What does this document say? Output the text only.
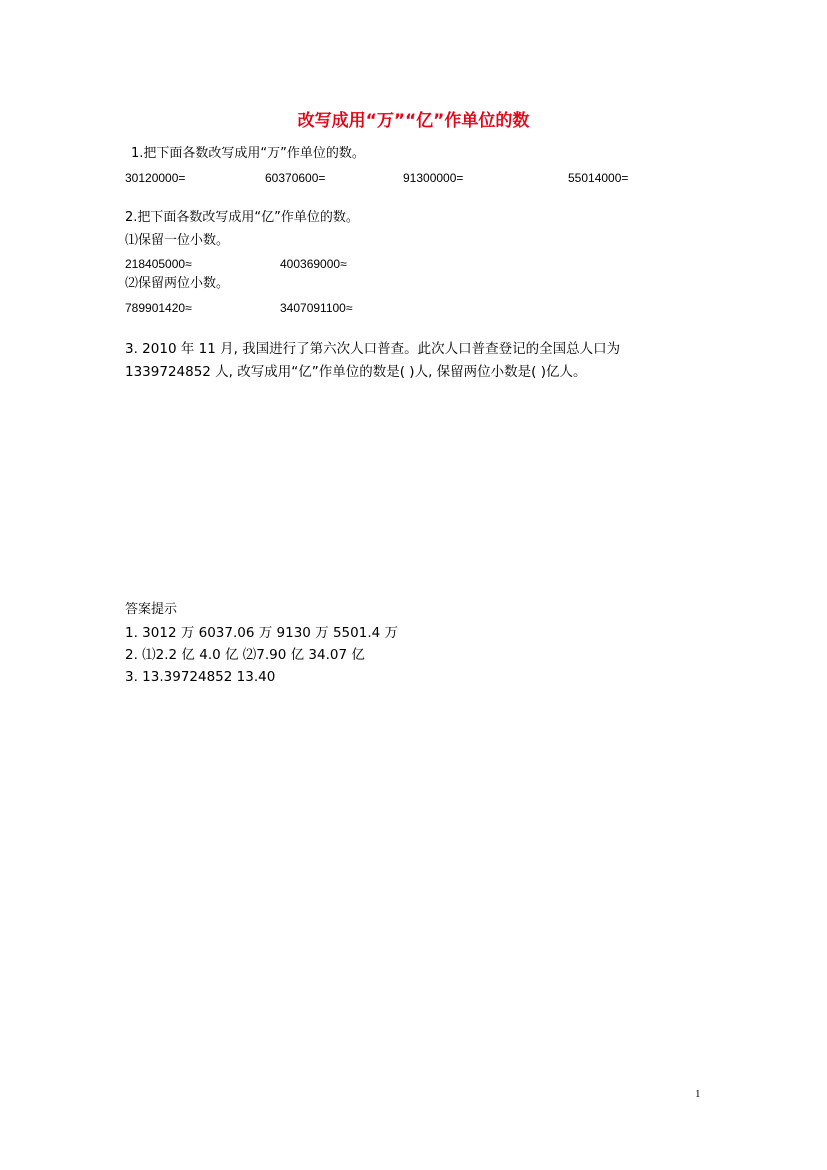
改写成用“万”“亿”作单位的数
1.把下面各数改写成用“万”作单位的数。
30120000=	60370600=	91300000=	55014000=
2.把下面各数改写成用“亿”作单位的数。
⑴保留一位小数。
218405000≈	400369000≈
⑵保留两位小数。
789901420≈	3407091100≈
3. 2010 年 11 月, 我国进行了第六次人口普查。此次人口普查登记的全国总人口为
1339724852 人, 改写成用“亿”作单位的数是( )人, 保留两位小数是( )亿人。
答案提示
1. 3012 万 6037.06 万 9130 万 5501.4 万
2. ⑴2.2 亿 4.0 亿 ⑵7.90 亿 34.07 亿
3. 13.39724852 13.40
1
